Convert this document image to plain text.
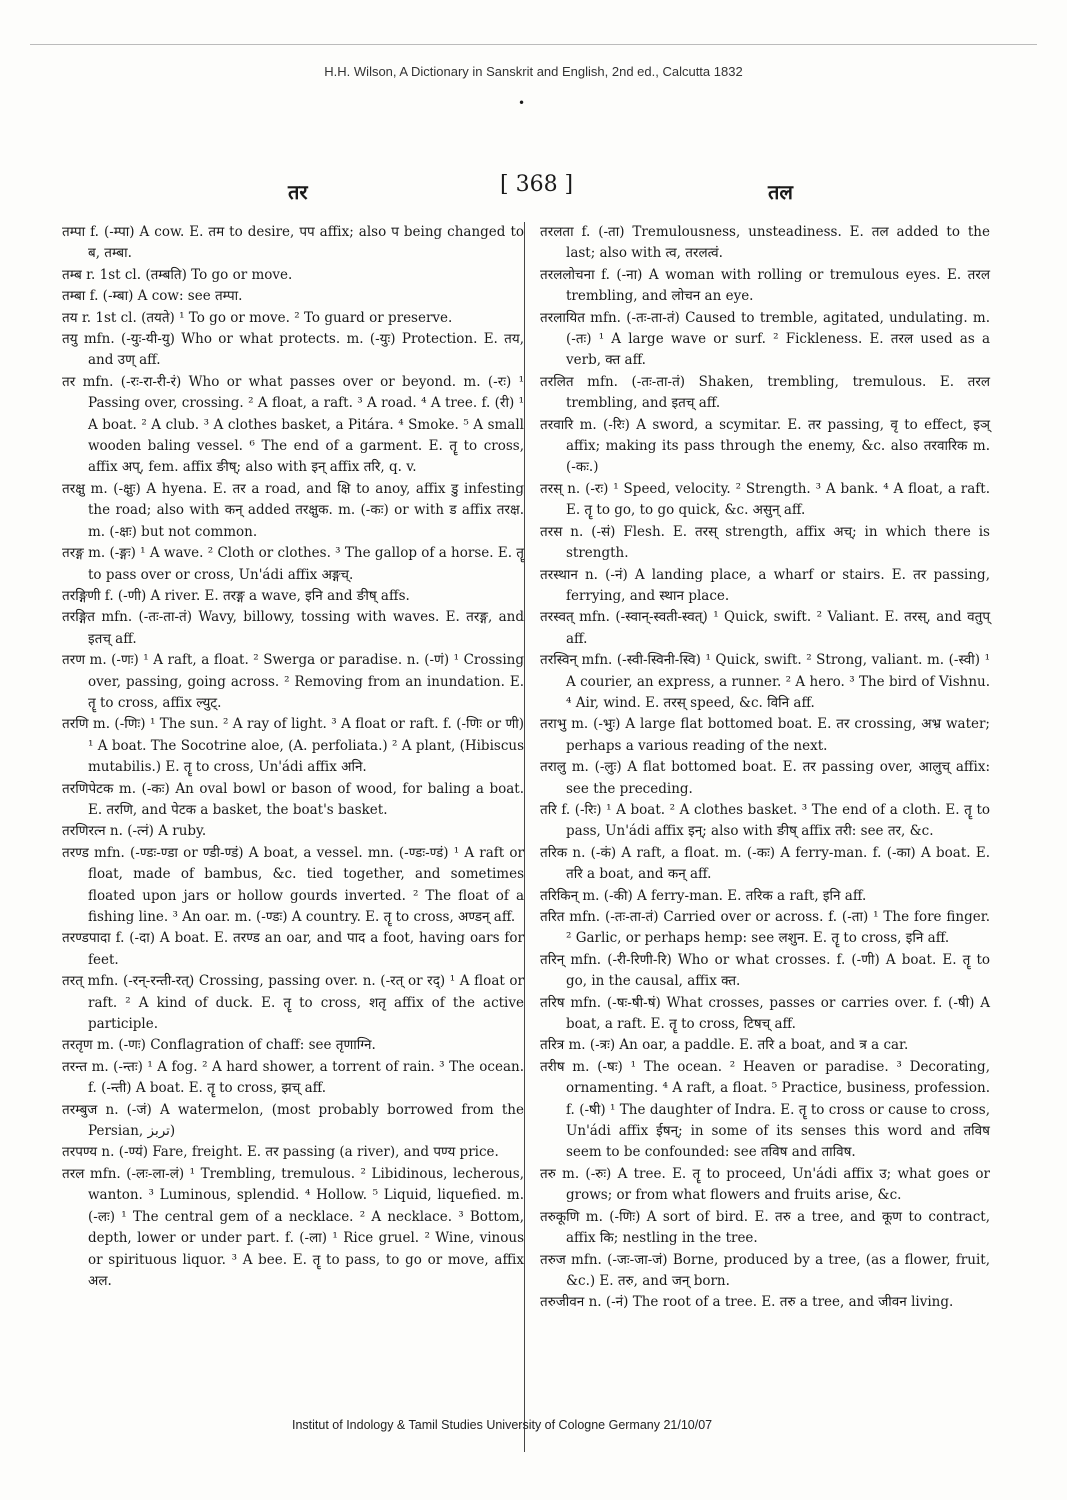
H.H. Wilson, A Dictionary in Sanskrit and English, 2nd ed., Calcutta 1832
•
तर	[ 368 ]	तल

तम्पा f. (-म्पा) A cow. E. तम to desire, पप affix; also प being changed to ब, तम्बा.

तम्ब r. 1st cl. (तम्बति) To go or move.

तम्बा f. (-म्बा) A cow: see तम्पा.

तय r. 1st cl. (तयते) ¹ To go or move. ² To guard or preserve.

तयु mfn. (-युः-यी-यु) Who or what protects. m. (-युः) Protection. E. तय, and उण् aff.

तर mfn. (-रः-रा-री-रं) Who or what passes over or beyond. m. (-रः) ¹ Passing over, crossing. ² A float, a raft. ³ A road. ⁴ A tree. f. (री) ¹ A boat. ² A club. ³ A clothes basket, a Pitára. ⁴ Smoke. ⁵ A small wooden baling vessel. ⁶ The end of a garment. E. तॄ to cross, affix अप्, fem. affix ङीष्; also with इन् affix तरि, q. v.

तरक्षु m. (-क्षुः) A hyena. E. तर a road, and क्षि to anoy, affix डु infesting the road; also with कन् added तरक्षुक. m. (-कः) or with ड affix तरक्ष. m. (-क्षः) but not common.

तरङ्ग m. (-ङ्गः) ¹ A wave. ² Cloth or clothes. ³ The gallop of a horse. E. तॄ to pass over or cross, Un'ádi affix अङ्गच्.

तरङ्गिणी f. (-णी) A river. E. तरङ्ग a wave, इनि and ङीष् affs.

तरङ्गित mfn. (-तः-ता-तं) Wavy, billowy, tossing with waves. E. तरङ्ग, and इतच् aff.

तरण m. (-णः) ¹ A raft, a float. ² Swerga or paradise. n. (-णं) ¹ Crossing over, passing, going across. ² Removing from an inundation. E. तॄ to cross, affix ल्युट्.

तरणि m. (-णिः) ¹ The sun. ² A ray of light. ³ A float or raft. f. (-णिः or णी) ¹ A boat. The Socotrine aloe, (A. perfoliata.) ² A plant, (Hibiscus mutabilis.) E. तॄ to cross, Un'ádi affix अनि.

तरणिपेटक m. (-कः) An oval bowl or bason of wood, for baling a boat. E. तरणि, and पेटक a basket, the boat's basket.

तरणिरत्न n. (-त्नं) A ruby.

तरण्ड mfn. (-ण्डः-ण्डा or ण्डी-ण्डं) A boat, a vessel. mn. (-ण्डः-ण्डं) ¹ A raft or float, made of bambus, &c. tied together, and sometimes floated upon jars or hollow gourds inverted. ² The float of a fishing line. ³ An oar. m. (-ण्डः) A country. E. तॄ to cross, अण्डन् aff.

तरण्डपादा f. (-दा) A boat. E. तरण्ड an oar, and पाद a foot, having oars for feet.

तरत् mfn. (-रन्-रन्ती-रत्) Crossing, passing over. n. (-रत् or रद्) ¹ A float or raft. ² A kind of duck. E. तॄ to cross, शतृ affix of the active participle.

तरतृण m. (-णः) Conflagration of chaff: see तृणाग्नि.

तरन्त m. (-न्तः) ¹ A fog. ² A hard shower, a torrent of rain. ³ The ocean. f. (-न्ती) A boat. E. तॄ to cross, झच् aff.

तरम्बुज n. (-जं) A watermelon, (most probably borrowed from the Persian, تربز)

तरपण्य n. (-ण्यं) Fare, freight. E. तर passing (a river), and पण्य price.

तरल mfn. (-लः-ला-लं) ¹ Trembling, tremulous. ² Libidinous, lecherous, wanton. ³ Luminous, splendid. ⁴ Hollow. ⁵ Liquid, liquefied. m. (-लः) ¹ The central gem of a necklace. ² A necklace. ³ Bottom, depth, lower or under part. f. (-ला) ¹ Rice gruel. ² Wine, vinous or spirituous liquor. ³ A bee. E. तॄ to pass, to go or move, affix अल.

तरलता f. (-ता) Tremulousness, unsteadiness. E. तल added to the last; also with त्व, तरलत्वं.

तरललोचना f. (-ना) A woman with rolling or tremulous eyes. E. तरल trembling, and लोचन an eye.

तरलायित mfn. (-तः-ता-तं) Caused to tremble, agitated, undulating. m. (-तः) ¹ A large wave or surf. ² Fickleness. E. तरल used as a verb, क्त aff.

तरलित mfn. (-तः-ता-तं) Shaken, trembling, tremulous. E. तरल trembling, and इतच् aff.

तरवारि m. (-रिः) A sword, a scymitar. E. तर passing, वृ to effect, इञ् affix; making its pass through the enemy, &c. also तरवारिक m. (-कः.)

तरस् n. (-रः) ¹ Speed, velocity. ² Strength. ³ A bank. ⁴ A float, a raft. E. तॄ to go, to go quick, &c. असुन् aff.

तरस n. (-सं) Flesh. E. तरस् strength, affix अच्; in which there is strength.

तरस्थान n. (-नं) A landing place, a wharf or stairs. E. तर passing, ferrying, and स्थान place.

तरस्वत् mfn. (-स्वान्-स्वती-स्वत्) ¹ Quick, swift. ² Valiant. E. तरस्, and वतुप् aff.

तरस्विन् mfn. (-स्वी-स्विनी-स्वि) ¹ Quick, swift. ² Strong, valiant. m. (-स्वी) ¹ A courier, an express, a runner. ² A hero. ³ The bird of Vishnu. ⁴ Air, wind. E. तरस् speed, &c. विनि aff.

तराभु m. (-भुः) A large flat bottomed boat. E. तर crossing, अभ्र water; perhaps a various reading of the next.

तरालु m. (-लुः) A flat bottomed boat. E. तर passing over, आलुच् affix: see the preceding.

तरि f. (-रिः) ¹ A boat. ² A clothes basket. ³ The end of a cloth. E. तॄ to pass, Un'ádi affix इन्; also with ङीष् affix तरी: see तर, &c.

तरिक n. (-कं) A raft, a float. m. (-कः) A ferry-man. f. (-का) A boat. E. तरि a boat, and कन् aff.

तरिकिन् m. (-की) A ferry-man. E. तरिक a raft, इनि aff.

तरित mfn. (-तः-ता-तं) Carried over or across. f. (-ता) ¹ The fore finger. ² Garlic, or perhaps hemp: see लशुन. E. तॄ to cross, इनि aff.

तरिन् mfn. (-री-रिणी-रि) Who or what crosses. f. (-णी) A boat. E. तॄ to go, in the causal, affix क्त.

तरिष mfn. (-षः-षी-षं) What crosses, passes or carries over. f. (-षी) A boat, a raft. E. तॄ to cross, टिषच् aff.

तरित्र m. (-त्रः) An oar, a paddle. E. तरि a boat, and त्र a car.

तरीष m. (-षः) ¹ The ocean. ² Heaven or paradise. ³ Decorating, ornamenting. ⁴ A raft, a float. ⁵ Practice, business, profession. f. (-षी) ¹ The daughter of Indra. E. तॄ to cross or cause to cross, Un'ádi affix ईषन्; in some of its senses this word and तविष seem to be confounded: see तविष and ताविष.

तरु m. (-रुः) A tree. E. तॄ to proceed, Un'ádi affix उ; what goes or grows; or from what flowers and fruits arise, &c.

तरुकूणि m. (-णिः) A sort of bird. E. तरु a tree, and कूण to contract, affix कि; nestling in the tree.

तरुज mfn. (-जः-जा-जं) Borne, produced by a tree, (as a flower, fruit, &c.) E. तरु, and जन् born.

तरुजीवन n. (-नं) The root of a tree. E. तरु a tree, and जीवन living.

Institut of Indology & Tamil Studies University of Cologne Germany 21/10/07
